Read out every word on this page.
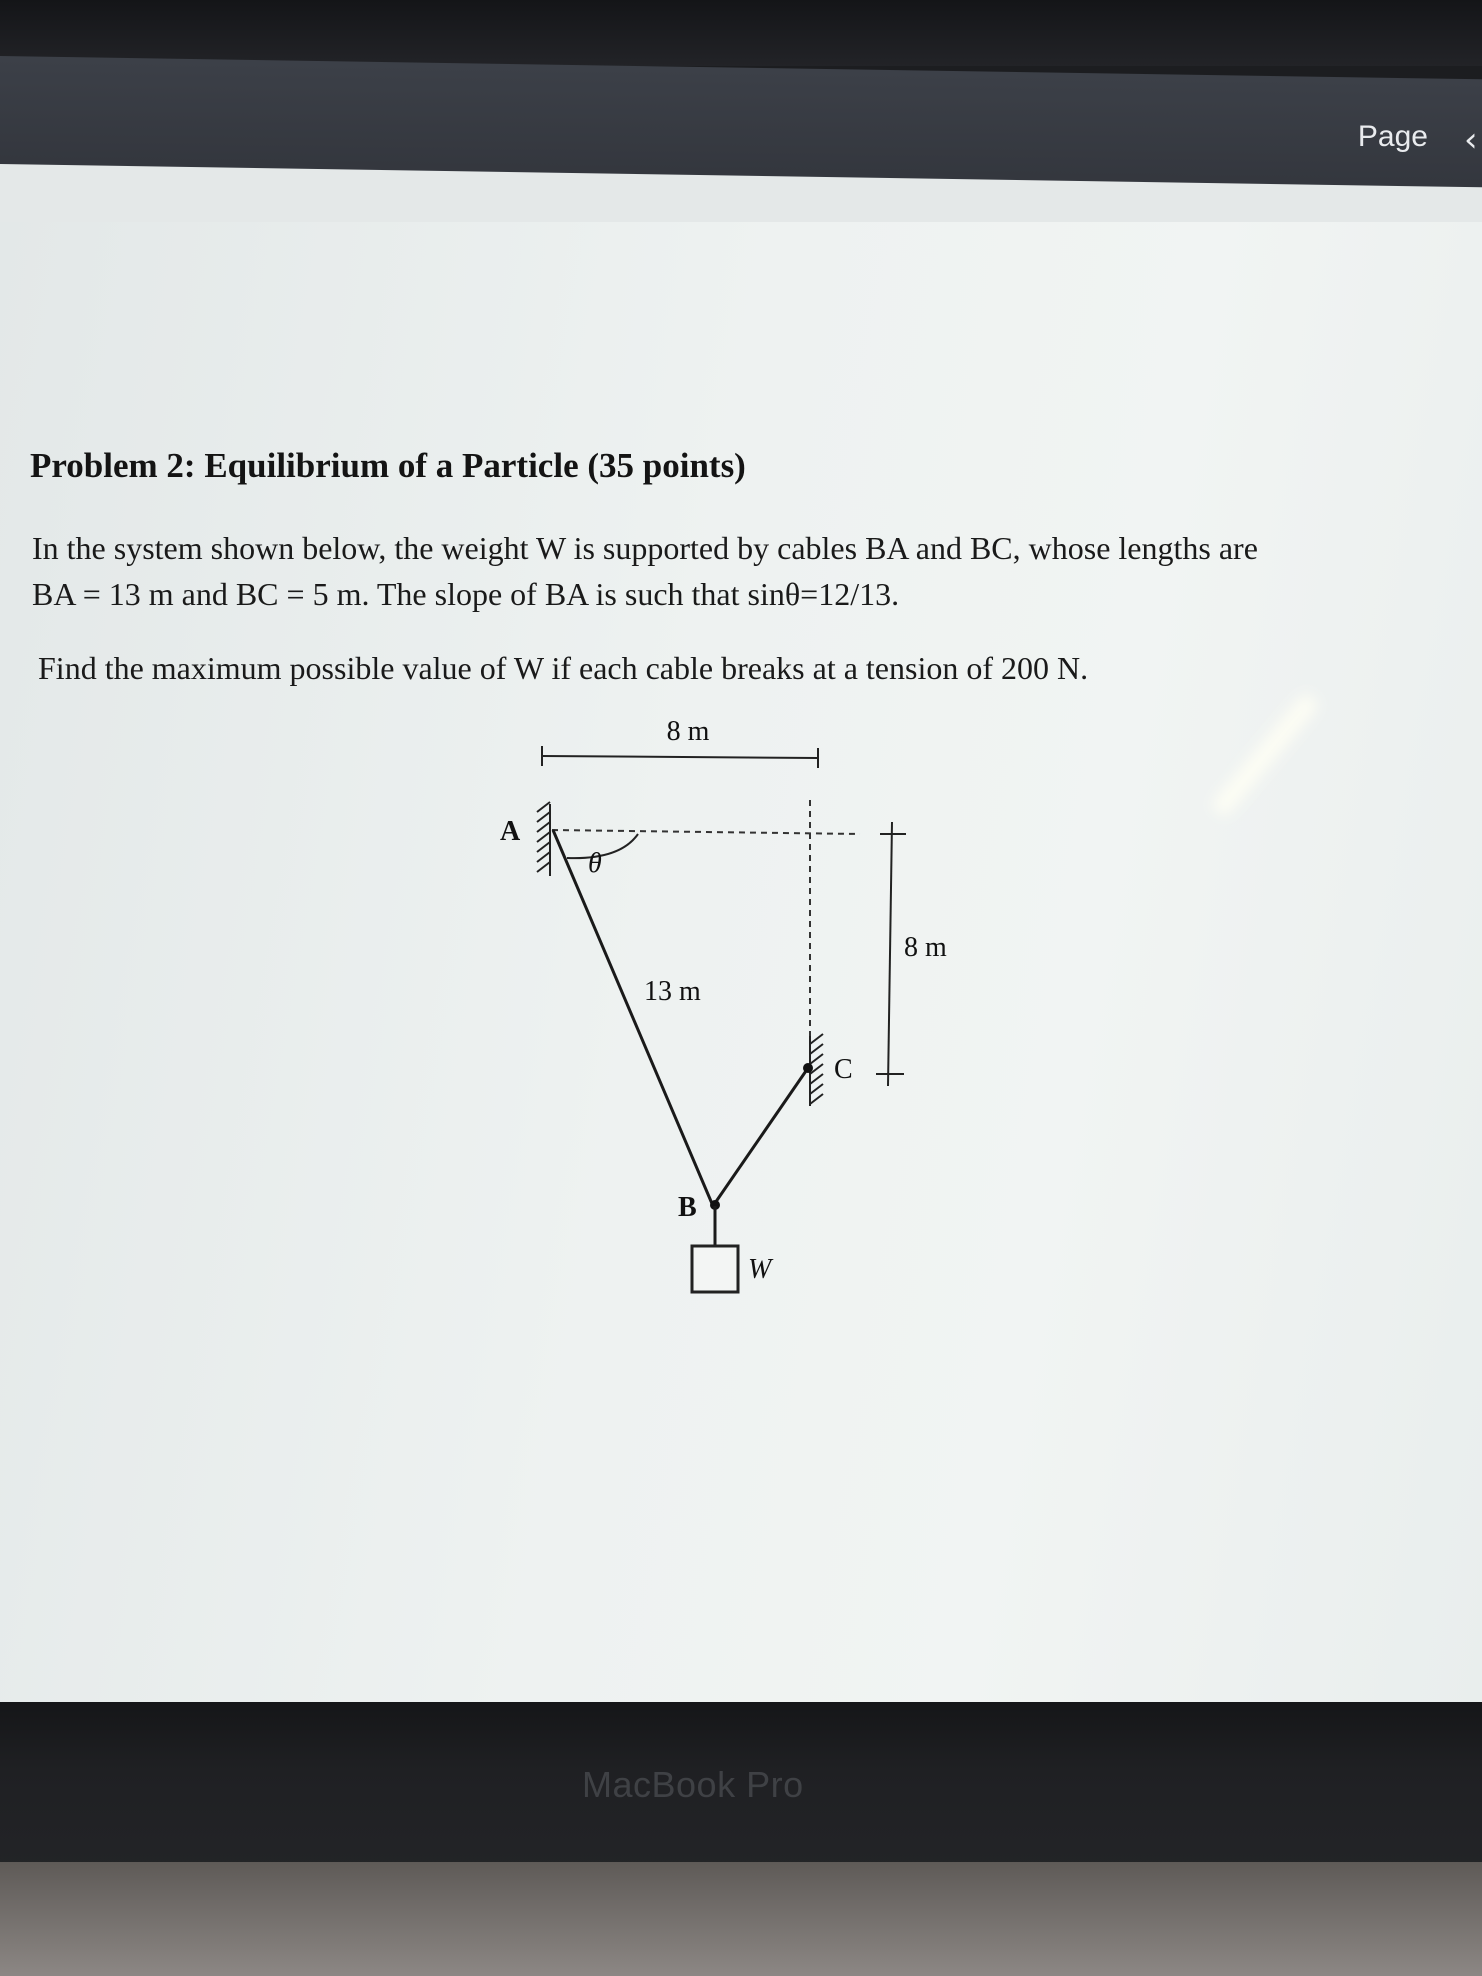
Page ‹
Problem 2: Equilibrium of a Particle (35 points)
In the system shown below, the weight W is supported by cables BA and BC, whose lengths are
BA = 13 m and BC = 5 m. The slope of BA is such that sinθ=12/13.
Find the maximum possible value of W if each cable breaks at a tension of 200 N.
8 m
A
θ
13 m
C
8 m
B
W
MacBook Pro
